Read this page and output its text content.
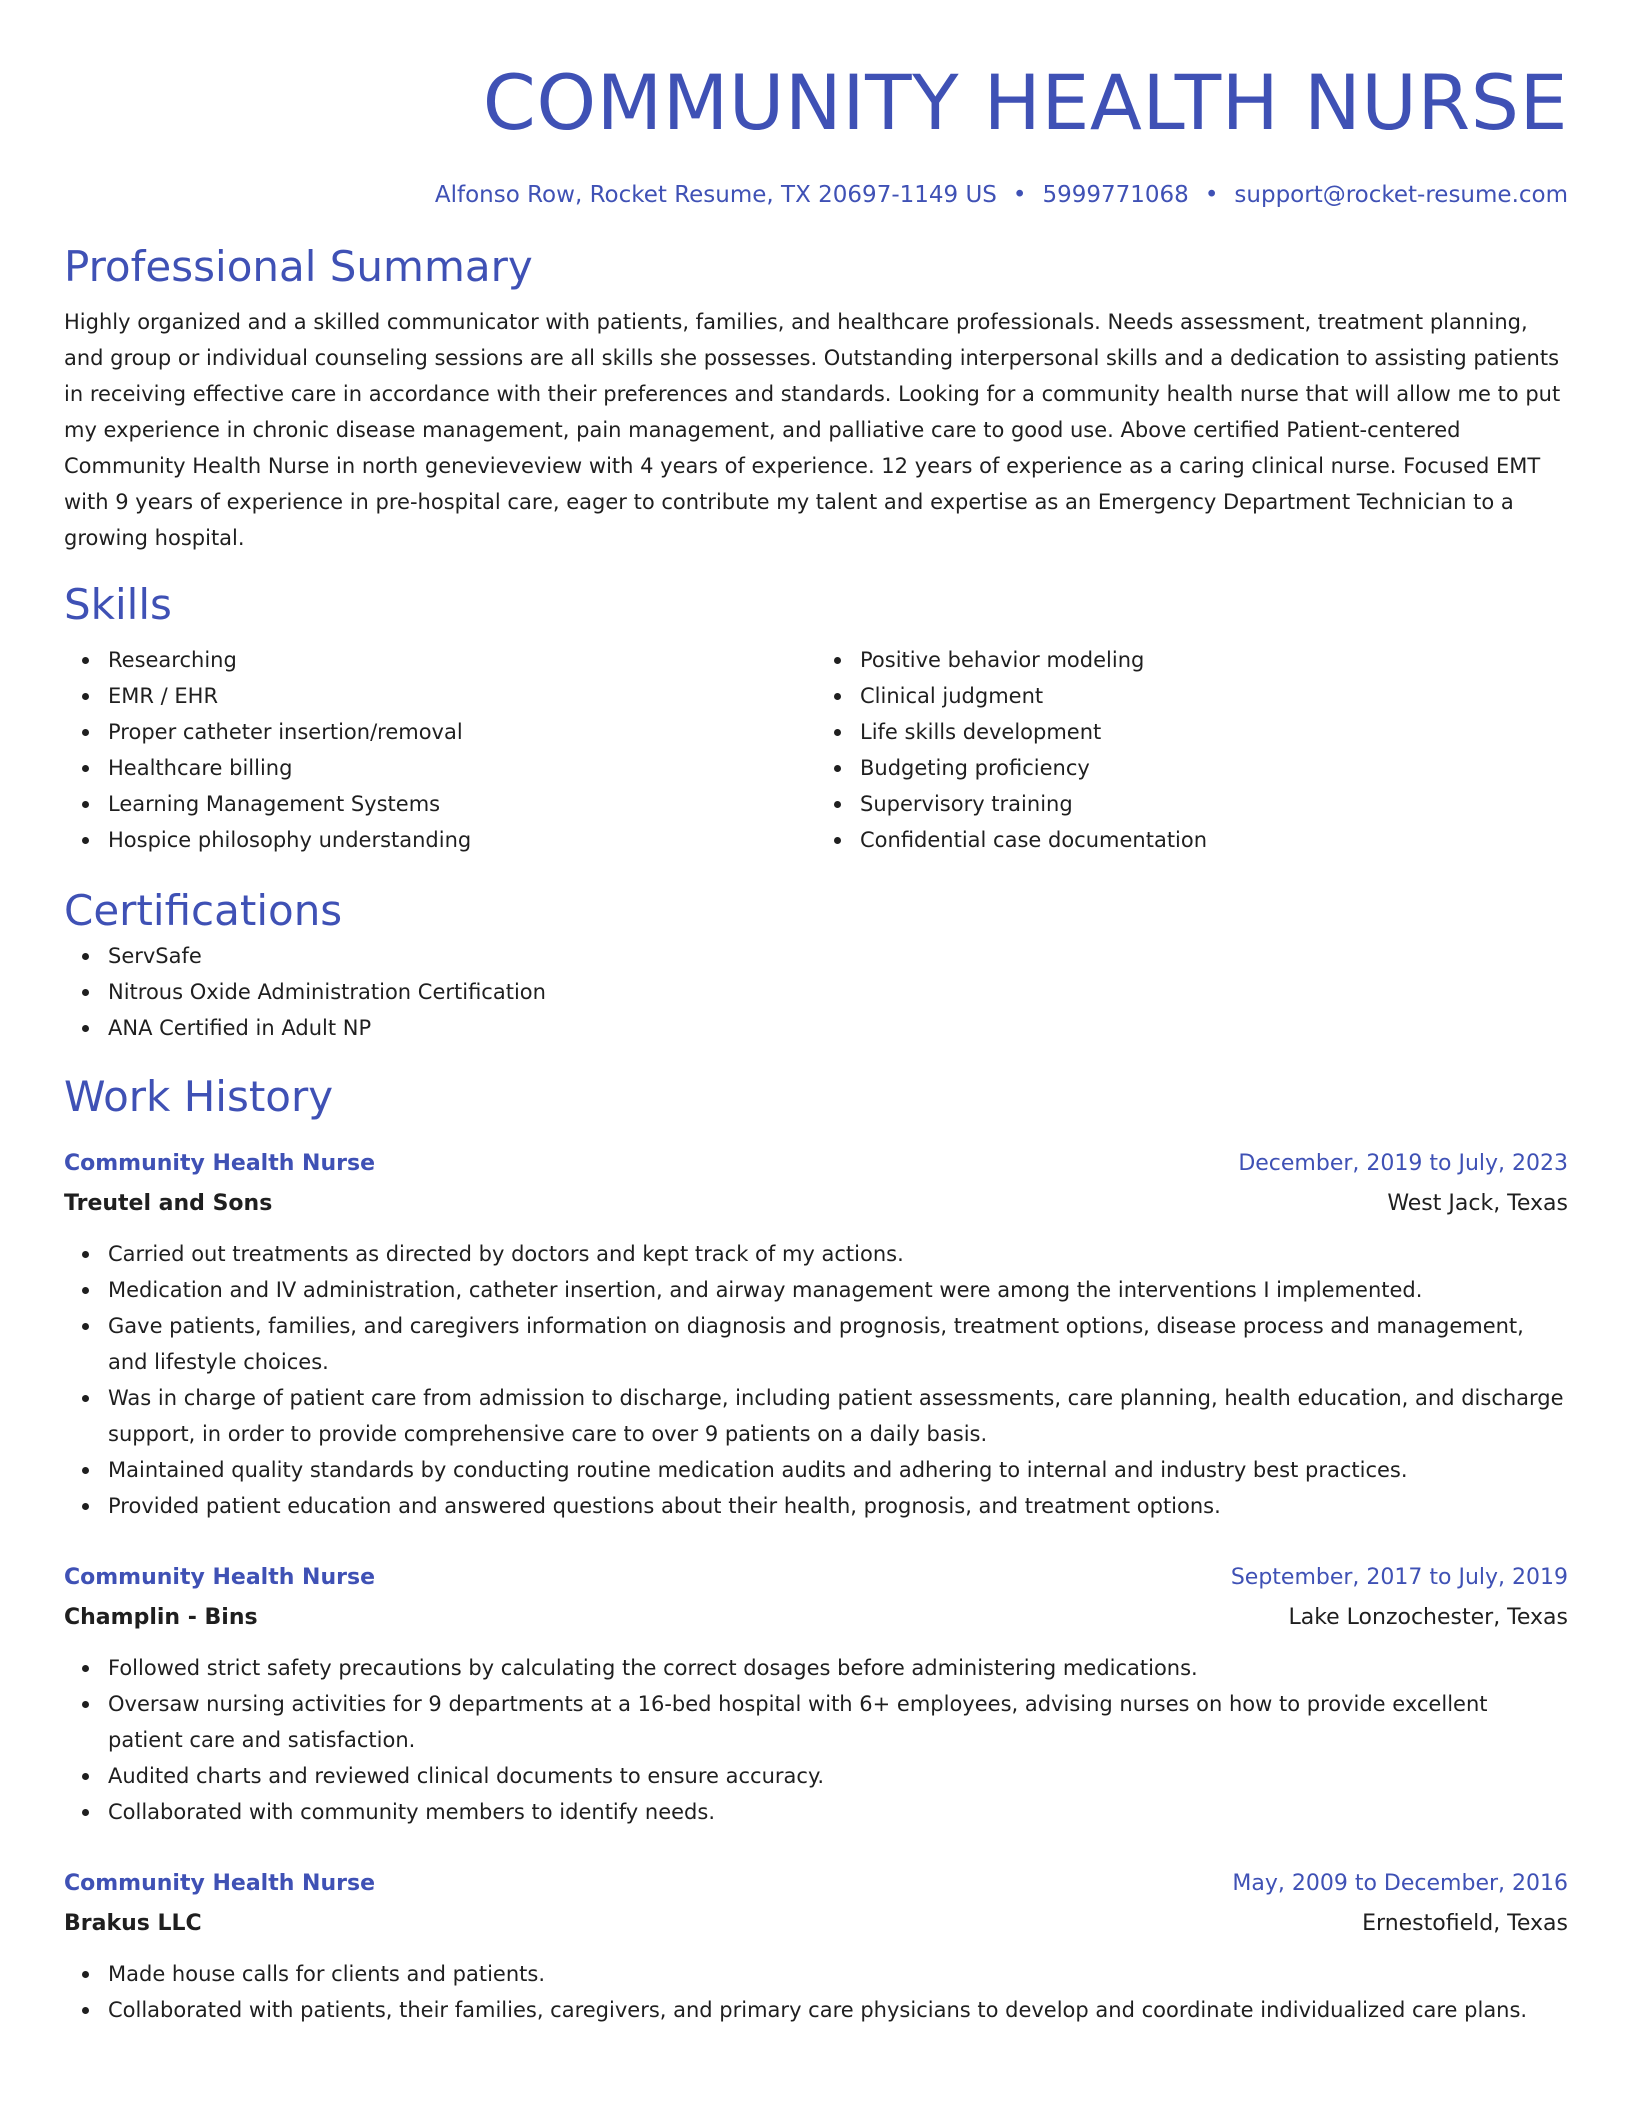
COMMUNITY HEALTH NURSE
Alfonso Row, Rocket Resume, TX 20697-1149 US • 5999771068 • support@rocket-resume.com
Professional Summary

Highly organized and a skilled communicator with patients, families, and healthcare professionals. Needs assessment, treatment planning, and group or individual counseling sessions are all skills she possesses. Outstanding interpersonal skills and a dedication to assisting patients in receiving effective care in accordance with their preferences and standards. Looking for a community health nurse that will allow me to put my experience in chronic disease management, pain management, and palliative care to good use. Above certified Patient-centered Community Health Nurse in north genevieveview with 4 years of experience. 12 years of experience as a caring clinical nurse. Focused EMT with 9 years of experience in pre-hospital care, eager to contribute my talent and expertise as an Emergency Department Technician to a growing hospital.

Skills
Researching
EMR / EHR
Proper catheter insertion/removal
Healthcare billing
Learning Management Systems
Hospice philosophy understanding
Positive behavior modeling
Clinical judgment
Life skills development
Budgeting proficiency
Supervisory training
Confidential case documentation
Certifications
ServSafe
Nitrous Oxide Administration Certification
ANA Certified in Adult NP
Work History
Community Health Nurse	December, 2019 to July, 2023
Treutel and Sons	West Jack, Texas
Carried out treatments as directed by doctors and kept track of my actions.
Medication and IV administration, catheter insertion, and airway management were among the interventions I implemented.
Gave patients, families, and caregivers information on diagnosis and prognosis, treatment options, disease process and management, and lifestyle choices.
Was in charge of patient care from admission to discharge, including patient assessments, care planning, health education, and discharge support, in order to provide comprehensive care to over 9 patients on a daily basis.
Maintained quality standards by conducting routine medication audits and adhering to internal and industry best practices.
Provided patient education and answered questions about their health, prognosis, and treatment options.
Community Health Nurse	September, 2017 to July, 2019
Champlin - Bins	Lake Lonzochester, Texas
Followed strict safety precautions by calculating the correct dosages before administering medications.
Oversaw nursing activities for 9 departments at a 16-bed hospital with 6+ employees, advising nurses on how to provide excellent patient care and satisfaction.
Audited charts and reviewed clinical documents to ensure accuracy.
Collaborated with community members to identify needs.
Community Health Nurse	May, 2009 to December, 2016
Brakus LLC	Ernestofield, Texas
Made house calls for clients and patients.
Collaborated with patients, their families, caregivers, and primary care physicians to develop and coordinate individualized care plans.
